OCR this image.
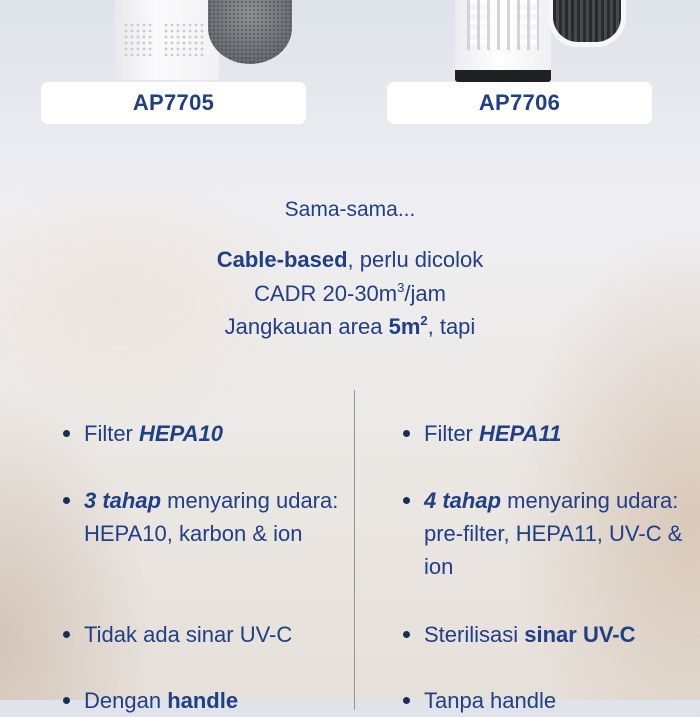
AP7705	AP7706
Sama-sama...
Cable-based, perlu dicolok
CADR $20-30m^3$/jam
Jangkauan area $5m^2$, tapi
Filter HEPA10
3 tahap menyaring udara: HEPA10, karbon & ion
Tidak ada sinar UV-C
Dengan handle
Filter HEPA11
4 tahap menyaring udara: pre-filter, HEPA11, UV-C & ion
Sterilisasi sinar UV-C
Tanpa handle
